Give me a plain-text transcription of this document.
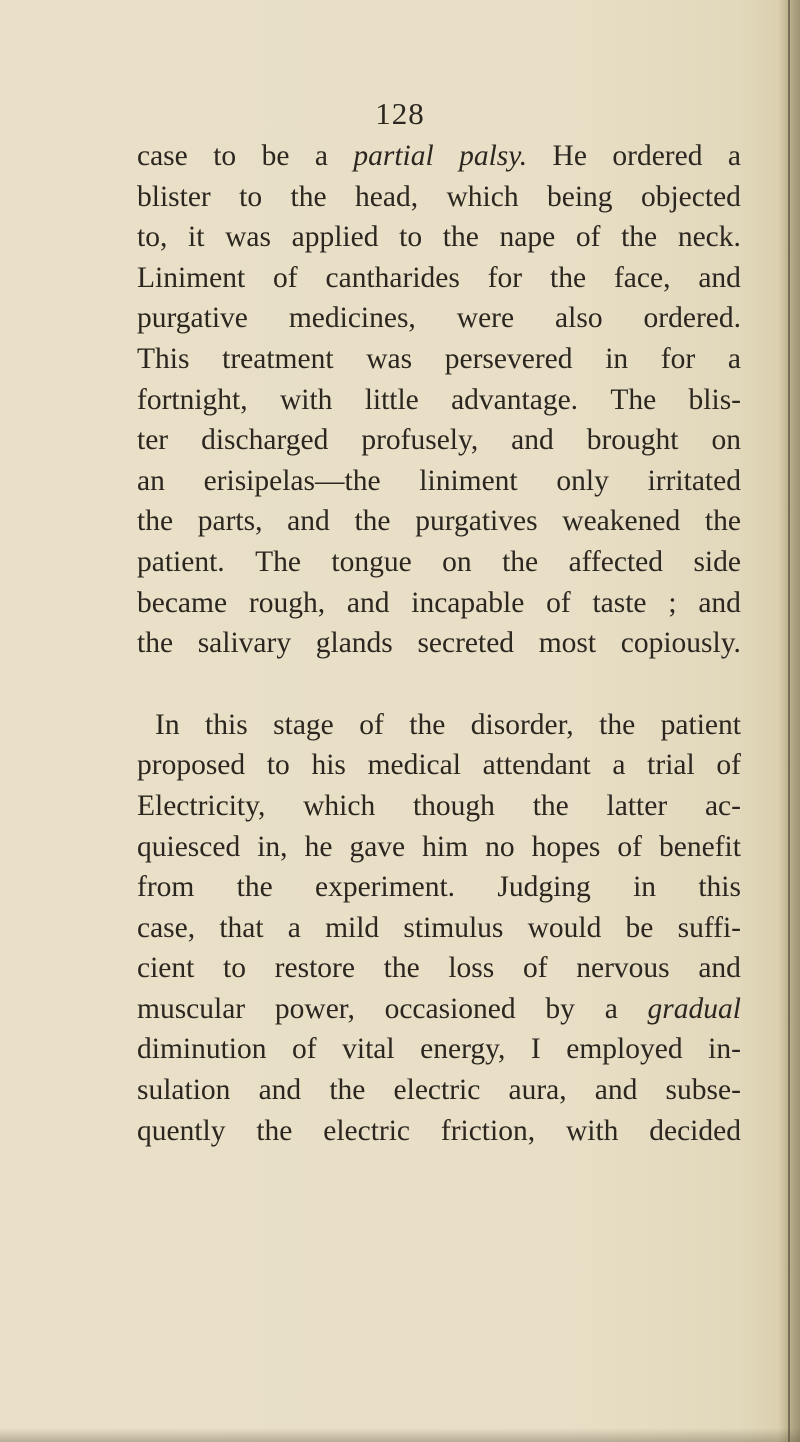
128
case to be a partial palsy. He ordered a
blister to the head, which being objected
to, it was applied to the nape of the neck.
Liniment of cantharides for the face, and
purgative medicines, were also ordered.
This treatment was persevered in for a
fortnight, with little advantage. The blis-
ter discharged profusely, and brought on
an erisipelas—the liniment only irritated
the parts, and the purgatives weakened the
patient. The tongue on the affected side
became rough, and incapable of taste ; and
the salivary glands secreted most copiously.
In this stage of the disorder, the patient
proposed to his medical attendant a trial of
Electricity, which though the latter ac-
quiesced in, he gave him no hopes of benefit
from the experiment. Judging in this
case, that a mild stimulus would be suffi-
cient to restore the loss of nervous and
muscular power, occasioned by a gradual
diminution of vital energy, I employed in-
sulation and the electric aura, and subse-
quently the electric friction, with decided
